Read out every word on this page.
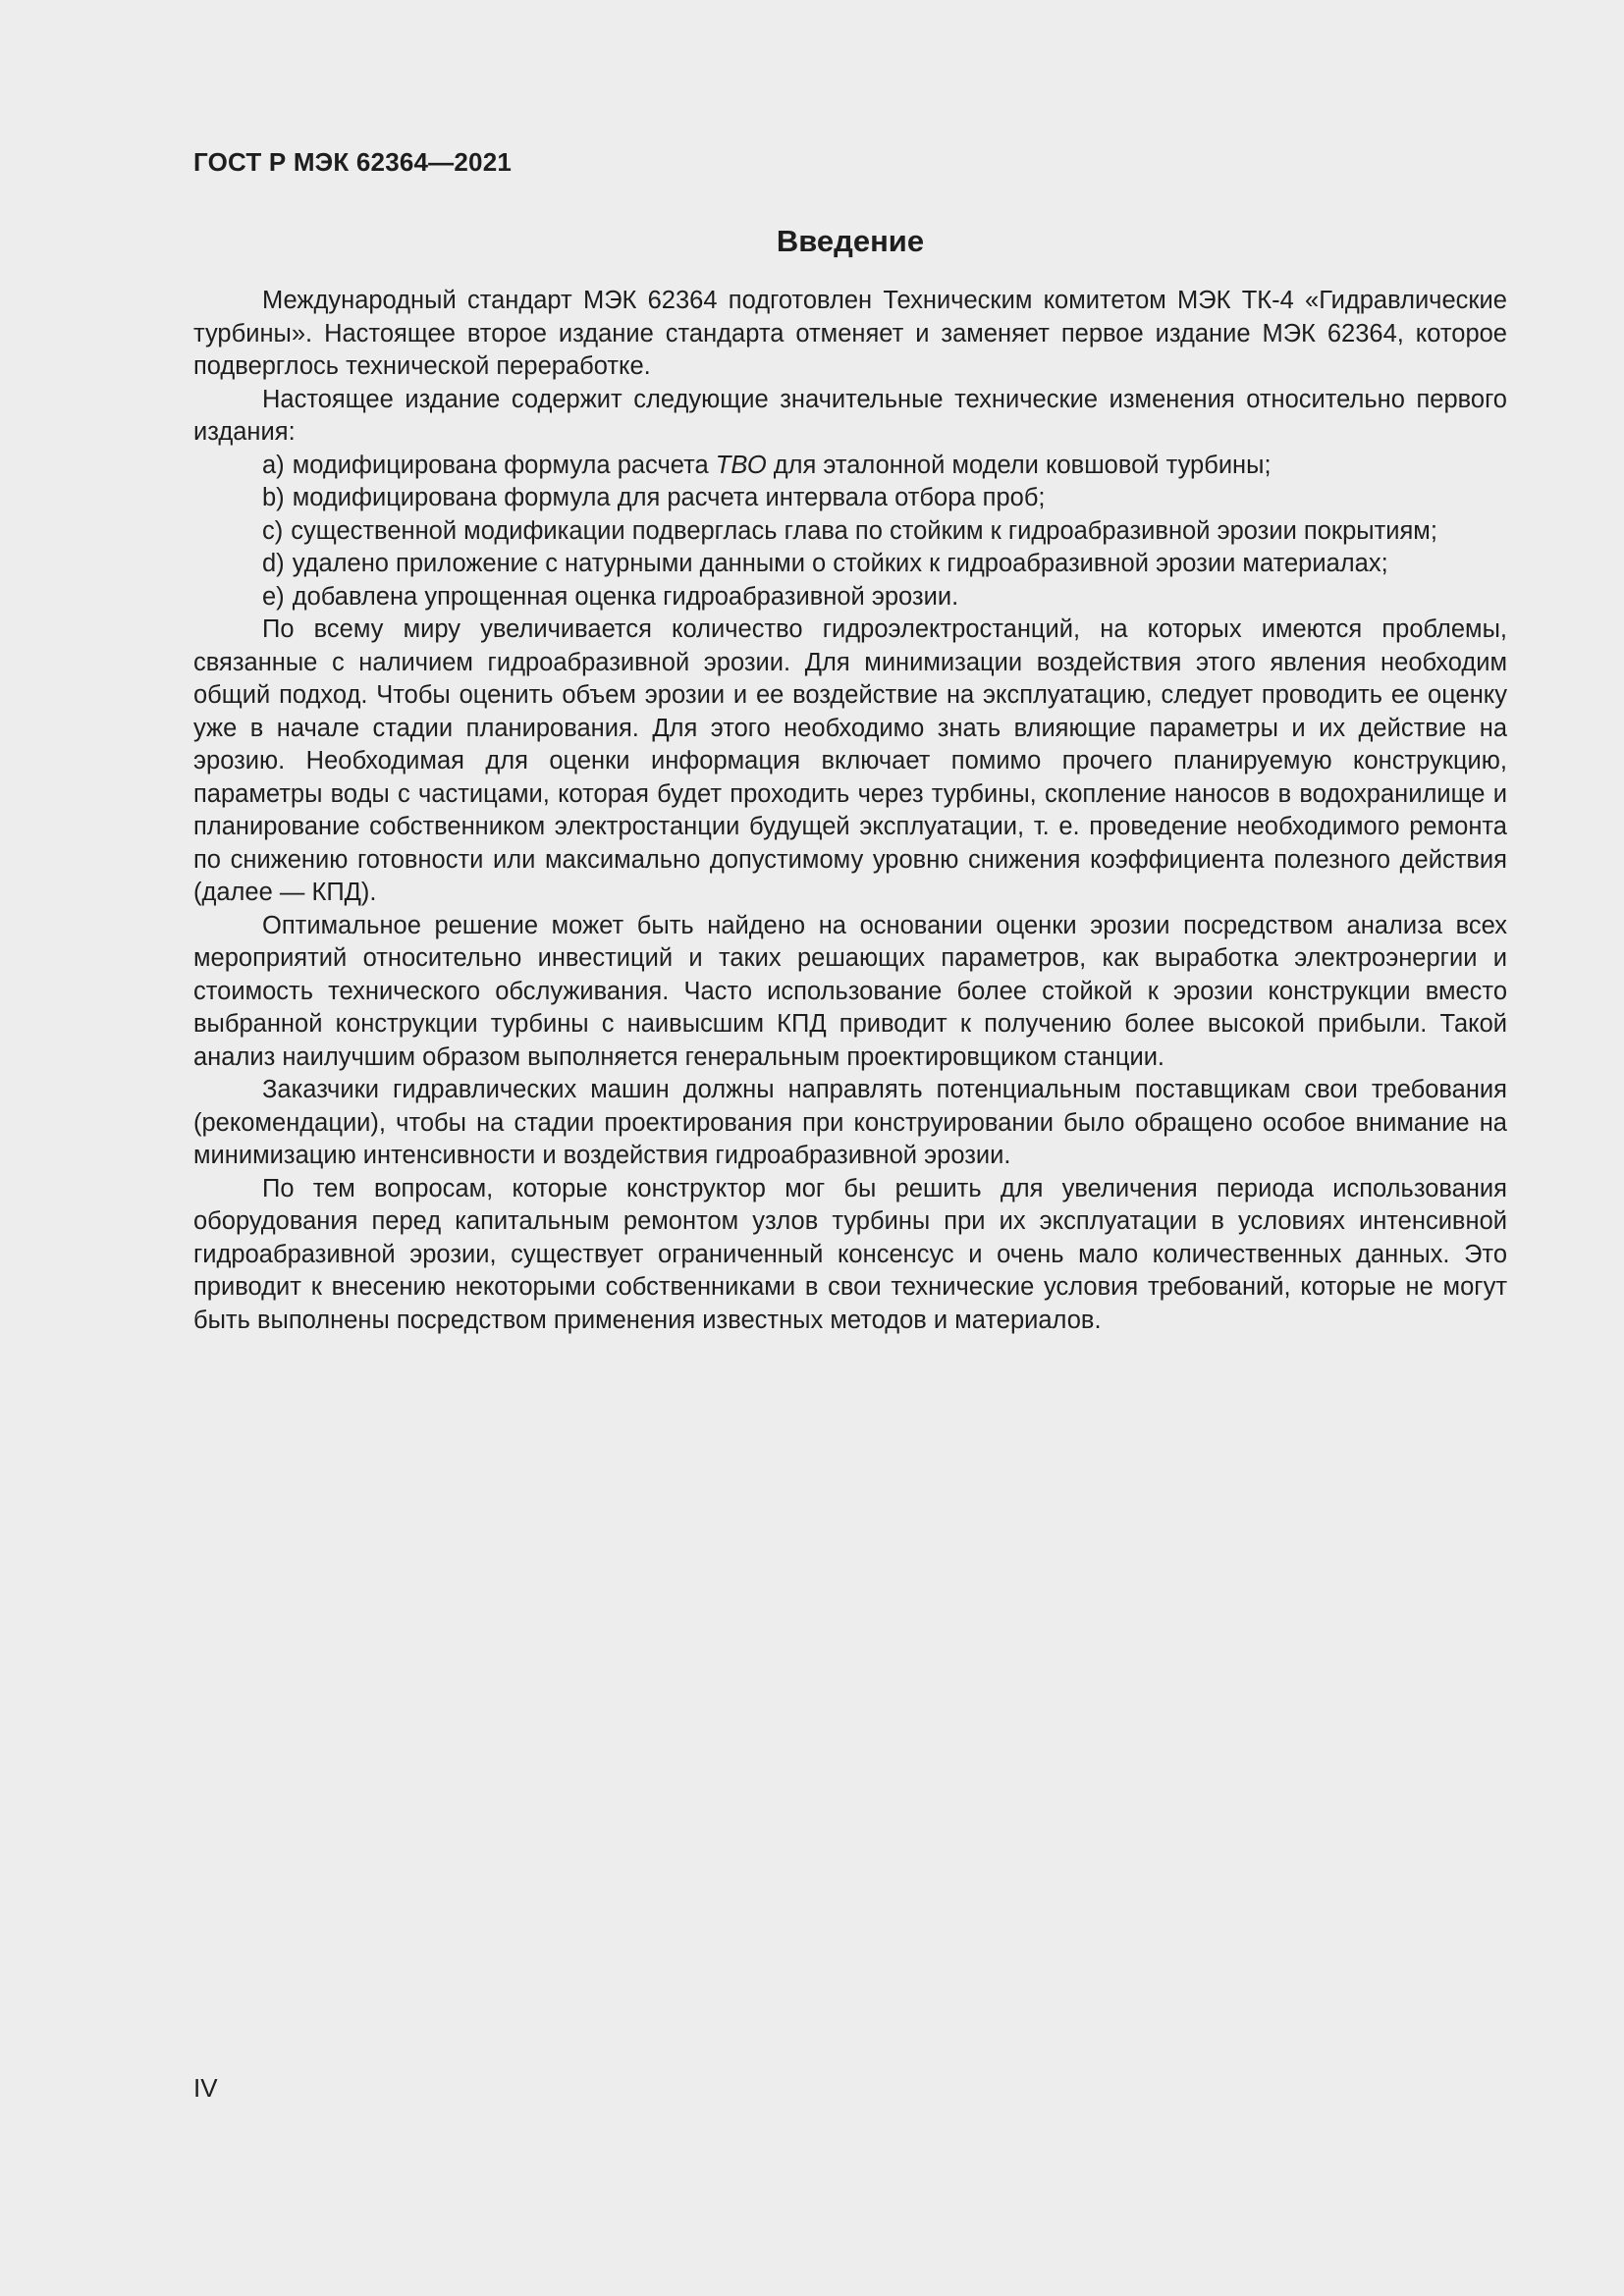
ГОСТ Р МЭК 62364—2021
Введение

Международный стандарт МЭК 62364 подготовлен Техническим комитетом МЭК ТК-4 «Гидравлические турбины». Настоящее второе издание стандарта отменяет и заменяет первое издание МЭК 62364, которое подверглось технической переработке.

Настоящее издание содержит следующие значительные технические изменения относительно первого издания:

a) модифицирована формула расчета ТВО для эталонной модели ковшовой турбины;
b) модифицирована формула для расчета интервала отбора проб;
c) существенной модификации подверглась глава по стойким к гидроабразивной эрозии покрытиям;
d) удалено приложение с натурными данными о стойких к гидроабразивной эрозии материалах;
e) добавлена упрощенная оценка гидроабразивной эрозии.

По всему миру увеличивается количество гидроэлектростанций, на которых имеются проблемы, связанные с наличием гидроабразивной эрозии. Для минимизации воздействия этого явления необходим общий подход. Чтобы оценить объем эрозии и ее воздействие на эксплуатацию, следует проводить ее оценку уже в начале стадии планирования. Для этого необходимо знать влияющие параметры и их действие на эрозию. Необходимая для оценки информация включает помимо прочего планируемую конструкцию, параметры воды с частицами, которая будет проходить через турбины, скопление наносов в водохранилище и планирование собственником электростанции будущей эксплуатации, т. е. проведение необходимого ремонта по снижению готовности или максимально допустимому уровню снижения коэффициента полезного действия (далее — КПД).

Оптимальное решение может быть найдено на основании оценки эрозии посредством анализа всех мероприятий относительно инвестиций и таких решающих параметров, как выработка электроэнергии и стоимость технического обслуживания. Часто использование более стойкой к эрозии конструкции вместо выбранной конструкции турбины с наивысшим КПД приводит к получению более высокой прибыли. Такой анализ наилучшим образом выполняется генеральным проектировщиком станции.

Заказчики гидравлических машин должны направлять потенциальным поставщикам свои требования (рекомендации), чтобы на стадии проектирования при конструировании было обращено особое внимание на минимизацию интенсивности и воздействия гидроабразивной эрозии.

По тем вопросам, которые конструктор мог бы решить для увеличения периода использования оборудования перед капитальным ремонтом узлов турбины при их эксплуатации в условиях интенсивной гидроабразивной эрозии, существует ограниченный консенсус и очень мало количественных данных. Это приводит к внесению некоторыми собственниками в свои технические условия требований, которые не могут быть выполнены посредством применения известных методов и материалов.

IV
